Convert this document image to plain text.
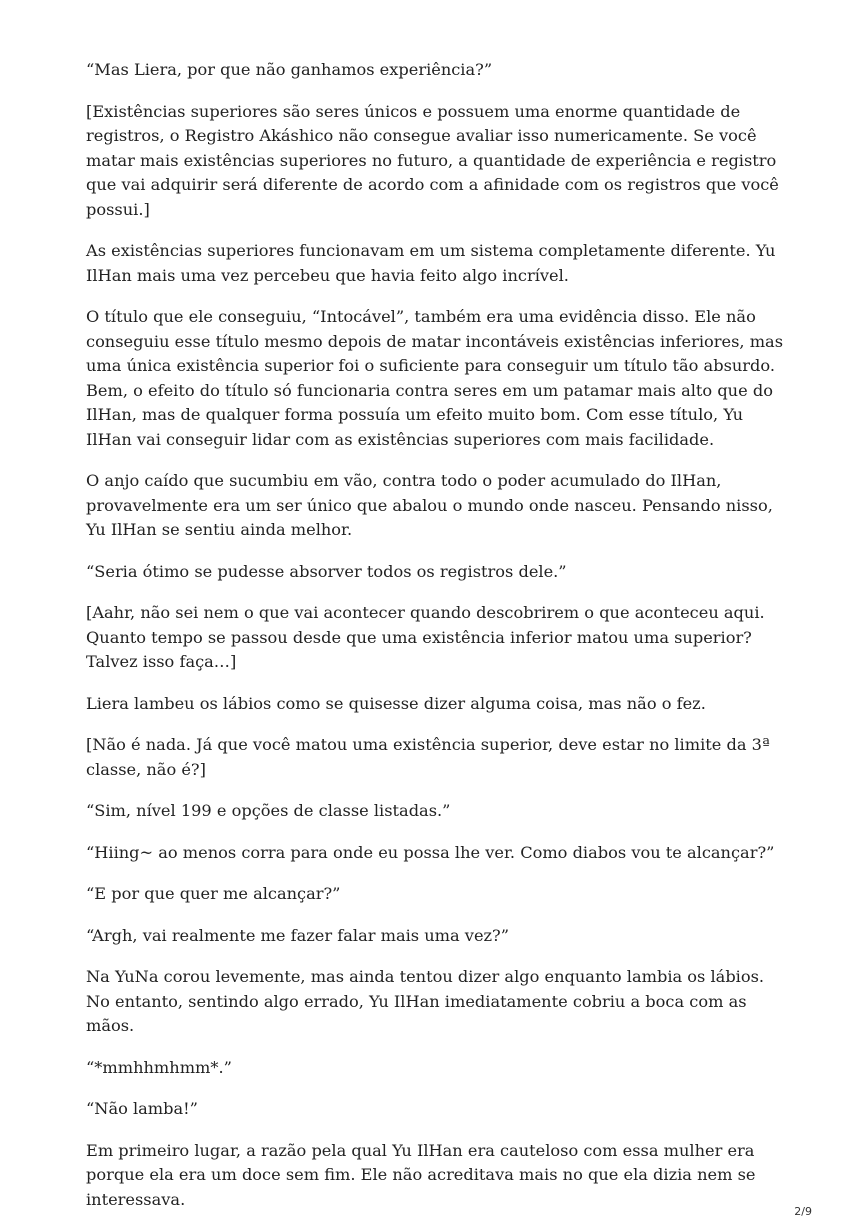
“Mas Liera, por que não ganhamos experiência?”

[Existências superiores são seres únicos e possuem uma enorme quantidade de registros, o Registro Akáshico não consegue avaliar isso numericamente. Se você matar mais existências superiores no futuro, a quantidade de experiência e registro que vai adquirir será diferente de acordo com a afinidade com os registros que você possui.]

As existências superiores funcionavam em um sistema completamente diferente. Yu IlHan mais uma vez percebeu que havia feito algo incrível.

O título que ele conseguiu, “Intocável”, também era uma evidência disso. Ele não conseguiu esse título mesmo depois de matar incontáveis existências inferiores, mas uma única existência superior foi o suficiente para conseguir um título tão absurdo. Bem, o efeito do título só funcionaria contra seres em um patamar mais alto que do IlHan, mas de qualquer forma possuía um efeito muito bom. Com esse título, Yu IlHan vai conseguir lidar com as existências superiores com mais facilidade.

O anjo caído que sucumbiu em vão, contra todo o poder acumulado do IlHan, provavelmente era um ser único que abalou o mundo onde nasceu. Pensando nisso, Yu IlHan se sentiu ainda melhor.

“Seria ótimo se pudesse absorver todos os registros dele.”

[Aahr, não sei nem o que vai acontecer quando descobrirem o que aconteceu aqui. Quanto tempo se passou desde que uma existência inferior matou uma superior? Talvez isso faça…]

Liera lambeu os lábios como se quisesse dizer alguma coisa, mas não o fez.

[Não é nada. Já que você matou uma existência superior, deve estar no limite da 3ª classe, não é?]

“Sim, nível 199 e opções de classe listadas.”

“Hiing~ ao menos corra para onde eu possa lhe ver. Como diabos vou te alcançar?”

“E por que quer me alcançar?”

“Argh, vai realmente me fazer falar mais uma vez?”

Na YuNa corou levemente, mas ainda tentou dizer algo enquanto lambia os lábios. No entanto, sentindo algo errado, Yu IlHan imediatamente cobriu a boca com as mãos.

“*mmhhmhmm*.”

“Não lamba!”

Em primeiro lugar, a razão pela qual Yu IlHan era cauteloso com essa mulher era porque ela era um doce sem fim. Ele não acreditava mais no que ela dizia nem se interessava.

2/9
